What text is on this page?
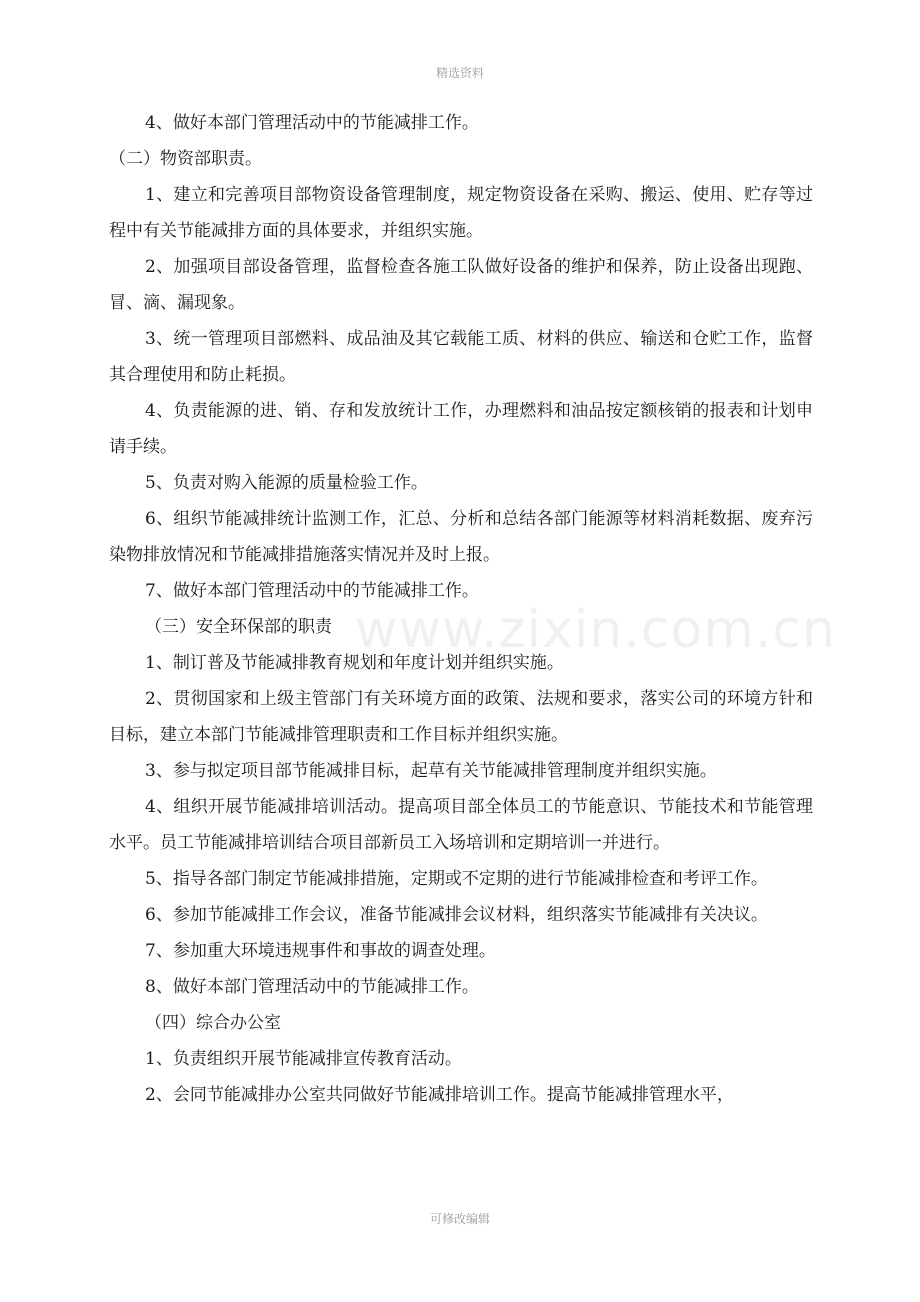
精选资料
www.zixin.com.cn

4、做好本部门管理活动中的节能减排工作。

（二）物资部职责。

1、建立和完善项目部物资设备管理制度，规定物资设备在采购、搬运、使用、贮存等过程中有关节能减排方面的具体要求，并组织实施。

2、加强项目部设备管理，监督检查各施工队做好设备的维护和保养，防止设备出现跑、冒、滴、漏现象。

3、统一管理项目部燃料、成品油及其它载能工质、材料的供应、输送和仓贮工作，监督其合理使用和防止耗损。

4、负责能源的进、销、存和发放统计工作，办理燃料和油品按定额核销的报表和计划申请手续。

5、负责对购入能源的质量检验工作。

6、组织节能减排统计监测工作，汇总、分析和总结各部门能源等材料消耗数据、废弃污染物排放情况和节能减排措施落实情况并及时上报。

7、做好本部门管理活动中的节能减排工作。

（三）安全环保部的职责

1、制订普及节能减排教育规划和年度计划并组织实施。

2、贯彻国家和上级主管部门有关环境方面的政策、法规和要求，落实公司的环境方针和目标，建立本部门节能减排管理职责和工作目标并组织实施。

3、参与拟定项目部节能减排目标，起草有关节能减排管理制度并组织实施。

4、组织开展节能减排培训活动。提高项目部全体员工的节能意识、节能技术和节能管理水平。员工节能减排培训结合项目部新员工入场培训和定期培训一并进行。

5、指导各部门制定节能减排措施，定期或不定期的进行节能减排检查和考评工作。

6、参加节能减排工作会议，准备节能减排会议材料，组织落实节能减排有关决议。

7、参加重大环境违规事件和事故的调查处理。

8、做好本部门管理活动中的节能减排工作。

（四）综合办公室

1、负责组织开展节能减排宣传教育活动。

2、会同节能减排办公室共同做好节能减排培训工作。提高节能减排管理水平，

可修改编辑
